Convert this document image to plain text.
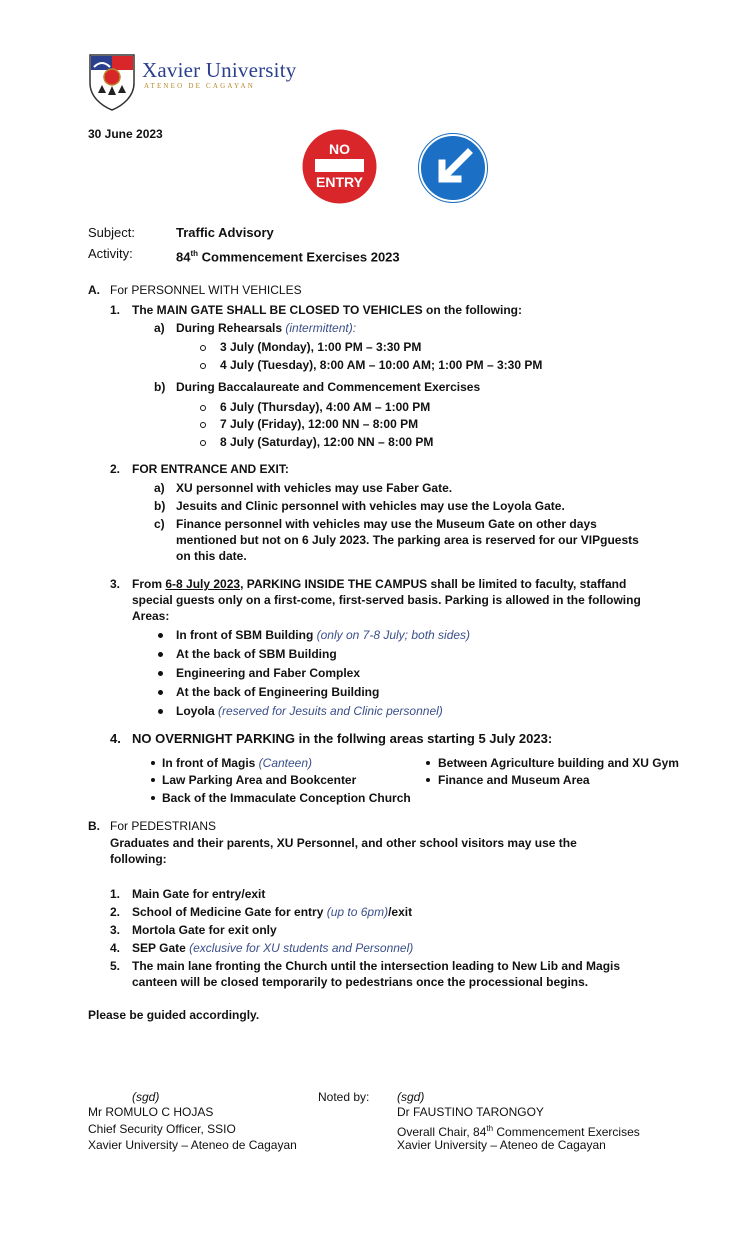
Xavier University
ATENEO DE CAGAYAN
30 June 2023
NO
ENTRY
Subject:	Traffic Advisory
Activity:	84th Commencement Exercises 2023
A. For PERSONNEL WITH VEHICLES
1. The MAIN GATE SHALL BE CLOSED TO VEHICLES on the following:
a) During Rehearsals (intermittent):
3 July (Monday), 1:00 PM – 3:30 PM
4 July (Tuesday), 8:00 AM – 10:00 AM; 1:00 PM – 3:30 PM
b) During Baccalaureate and Commencement Exercises
6 July (Thursday), 4:00 AM – 1:00 PM
7 July (Friday), 12:00 NN – 8:00 PM
8 July (Saturday), 12:00 NN – 8:00 PM
2. FOR ENTRANCE AND EXIT:
a) XU personnel with vehicles may use Faber Gate.
b) Jesuits and Clinic personnel with vehicles may use the Loyola Gate.
c) Finance personnel with vehicles may use the Museum Gate on other days
mentioned but not on 6 July 2023. The parking area is reserved for our VIPguests
on this date.
3. From 6-8 July 2023, PARKING INSIDE THE CAMPUS shall be limited to faculty, staffand
special guests only on a first-come, first-served basis. Parking is allowed in the following
Areas:
In front of SBM Building (only on 7-8 July; both sides)
At the back of SBM Building
Engineering and Faber Complex
At the back of Engineering Building
Loyola (reserved for Jesuits and Clinic personnel)
4. NO OVERNIGHT PARKING in the follwing areas starting 5 July 2023:
In front of Magis (Canteen)
Law Parking Area and Bookcenter
Back of the Immaculate Conception Church
Between Agriculture building and XU Gym
Finance and Museum Area
B. For PEDESTRIANS
Graduates and their parents, XU Personnel, and other school visitors may use the
following:
1. Main Gate for entry/exit
2. School of Medicine Gate for entry (up to 6pm)/exit
3. Mortola Gate for exit only
4. SEP Gate (exclusive for XU students and Personnel)
5. The main lane fronting the Church until the intersection leading to New Lib and Magis
canteen will be closed temporarily to pedestrians once the processional begins.
Please be guided accordingly.
(sgd)
Mr ROMULO C HOJAS
Chief Security Officer, SSIO
Xavier University – Ateneo de Cagayan
Noted by: (sgd)
Dr FAUSTINO TARONGOY
Overall Chair, 84th Commencement Exercises
Xavier University – Ateneo de Cagayan
